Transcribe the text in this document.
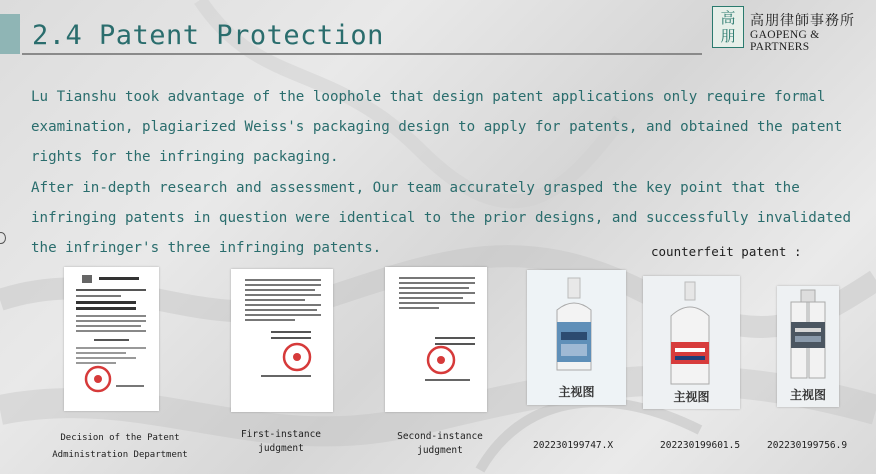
2.4 Patent Protection
高
朋
高朋律師事務所
GAOPENG & PARTNERS
Lu Tianshu took advantage of the loophole that design patent applications only require formal
examination, plagiarized Weiss's packaging design to apply for patents, and obtained the patent
rights for the infringing packaging.
After in-depth research and assessment, Our team accurately grasped the key point that the
infringing patents in question were identical to the prior designs, and successfully invalidated
the infringer's three infringing patents.	counterfeit patent :
主视图	主视图	主视图
Decision of the Patent
Administration Department
First-instance
judgment
Second-instance
judgment	202230199747.X	202230199601.5	202230199756.9
